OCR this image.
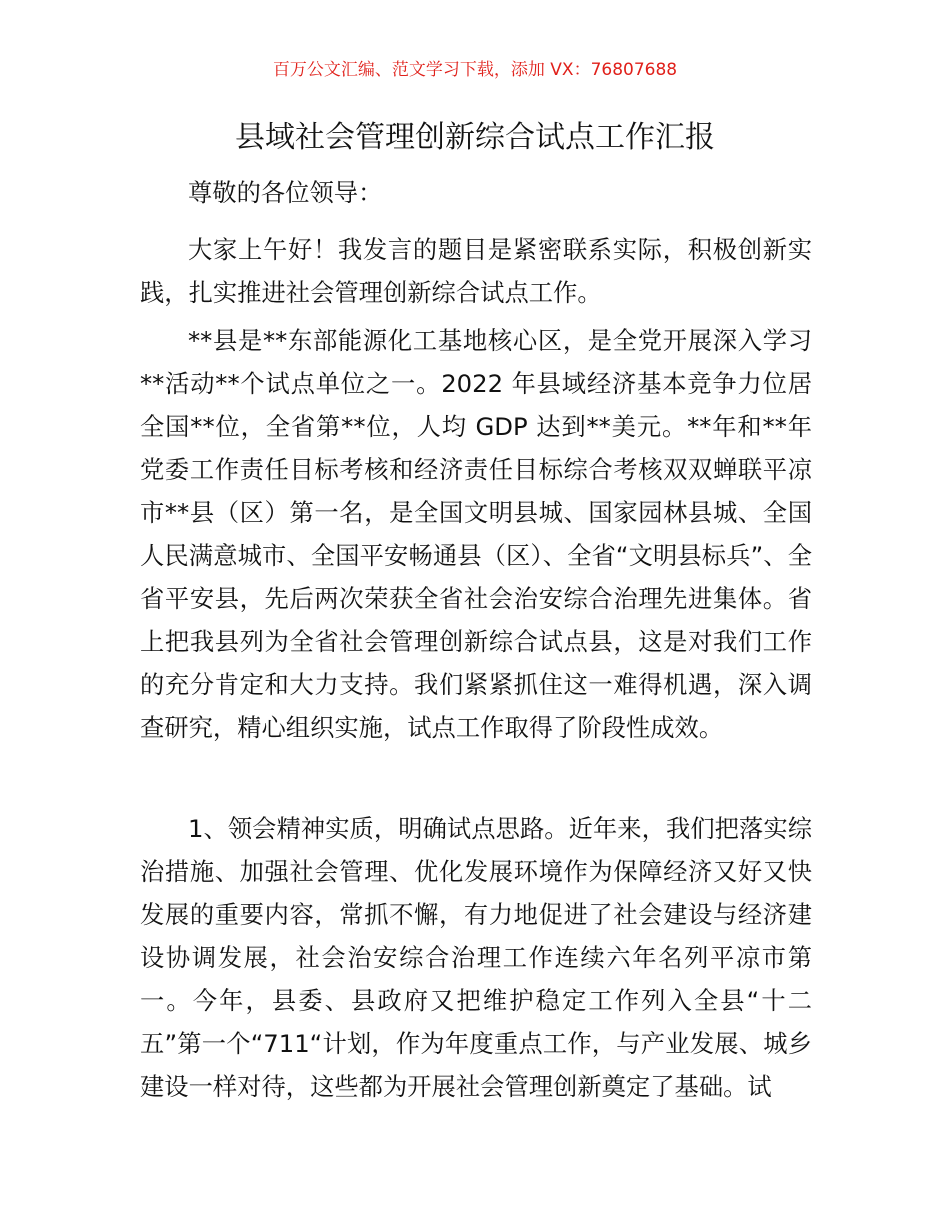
百万公文汇编、范文学习下载，添加 VX：76807688
县域社会管理创新综合试点工作汇报
尊敬的各位领导：
大家上午好！我发言的题目是紧密联系实际，积极创新实践，扎实推进社会管理创新综合试点工作。
**县是**东部能源化工基地核心区，是全党开展深入学习**活动**个试点单位之一。2022 年县域经济基本竞争力位居全国**位，全省第**位，人均 GDP 达到**美元。**年和**年党委工作责任目标考核和经济责任目标综合考核双双蝉联平凉市**县（区）第一名，是全国文明县城、国家园林县城、全国人民满意城市、全国平安畅通县（区）、全省“文明县标兵”、全省平安县，先后两次荣获全省社会治安综合治理先进集体。省上把我县列为全省社会管理创新综合试点县，这是对我们工作的充分肯定和大力支持。我们紧紧抓住这一难得机遇，深入调查研究，精心组织实施，试点工作取得了阶段性成效。
1、领会精神实质，明确试点思路。近年来，我们把落实综治措施、加强社会管理、优化发展环境作为保障经济又好又快发展的重要内容，常抓不懈，有力地促进了社会建设与经济建设协调发展，社会治安综合治理工作连续六年名列平凉市第一。今年，县委、县政府又把维护稳定工作列入全县“十二五”第一个“711“计划，作为年度重点工作，与产业发展、城乡建设一样对待，这些都为开展社会管理创新奠定了基础。试
